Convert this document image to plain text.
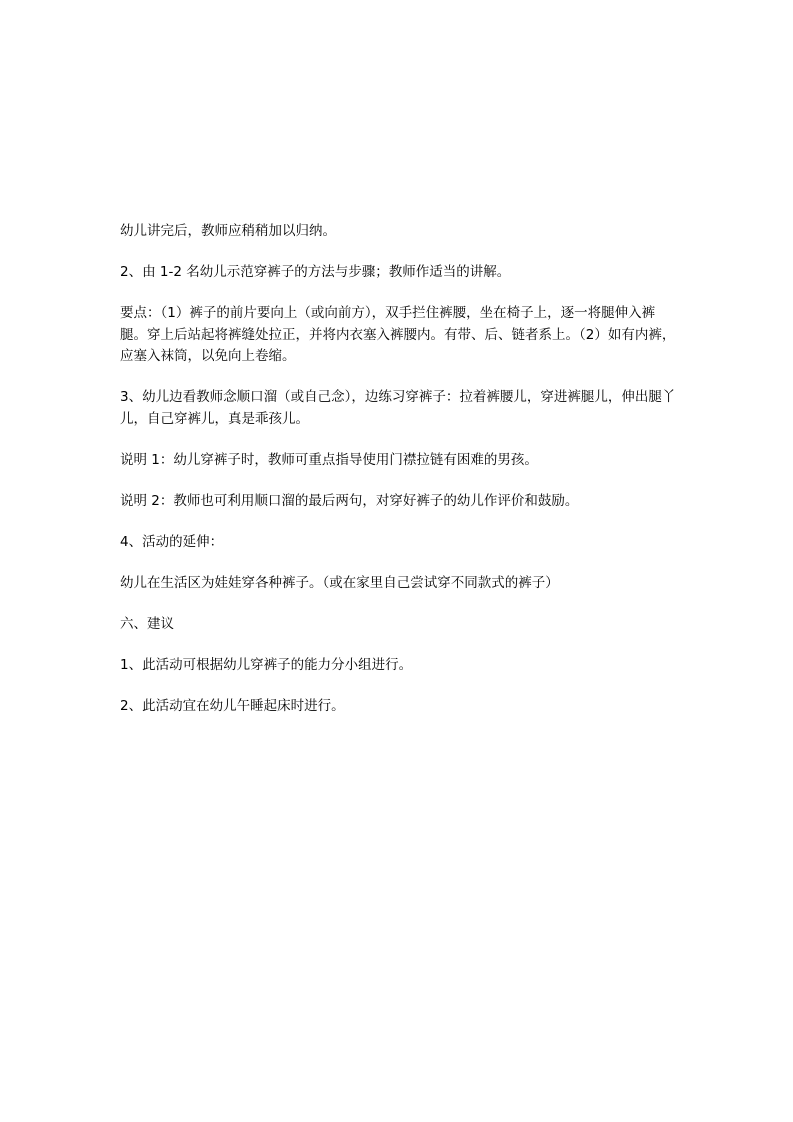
幼儿讲完后，教师应稍稍加以归纳。

2、由 1-2 名幼儿示范穿裤子的方法与步骤；教师作适当的讲解。

要点：（1）裤子的前片要向上（或向前方），双手拦住裤腰，坐在椅子上，逐一将腿伸入裤腿。穿上后站起将裤缝处拉正，并将内衣塞入裤腰内。有带、后、链者系上。（2）如有内裤，应塞入袜筒，以免向上卷缩。

3、幼儿边看教师念顺口溜（或自己念），边练习穿裤子：拉着裤腰儿，穿进裤腿儿，伸出腿丫儿，自己穿裤儿，真是乖孩儿。

说明 1：幼儿穿裤子时，教师可重点指导使用门襟拉链有困难的男孩。

说明 2：教师也可利用顺口溜的最后两句，对穿好裤子的幼儿作评价和鼓励。

4、活动的延伸：

幼儿在生活区为娃娃穿各种裤子。（或在家里自己尝试穿不同款式的裤子）

六、建议

1、此活动可根据幼儿穿裤子的能力分小组进行。

2、此活动宜在幼儿午睡起床时进行。
